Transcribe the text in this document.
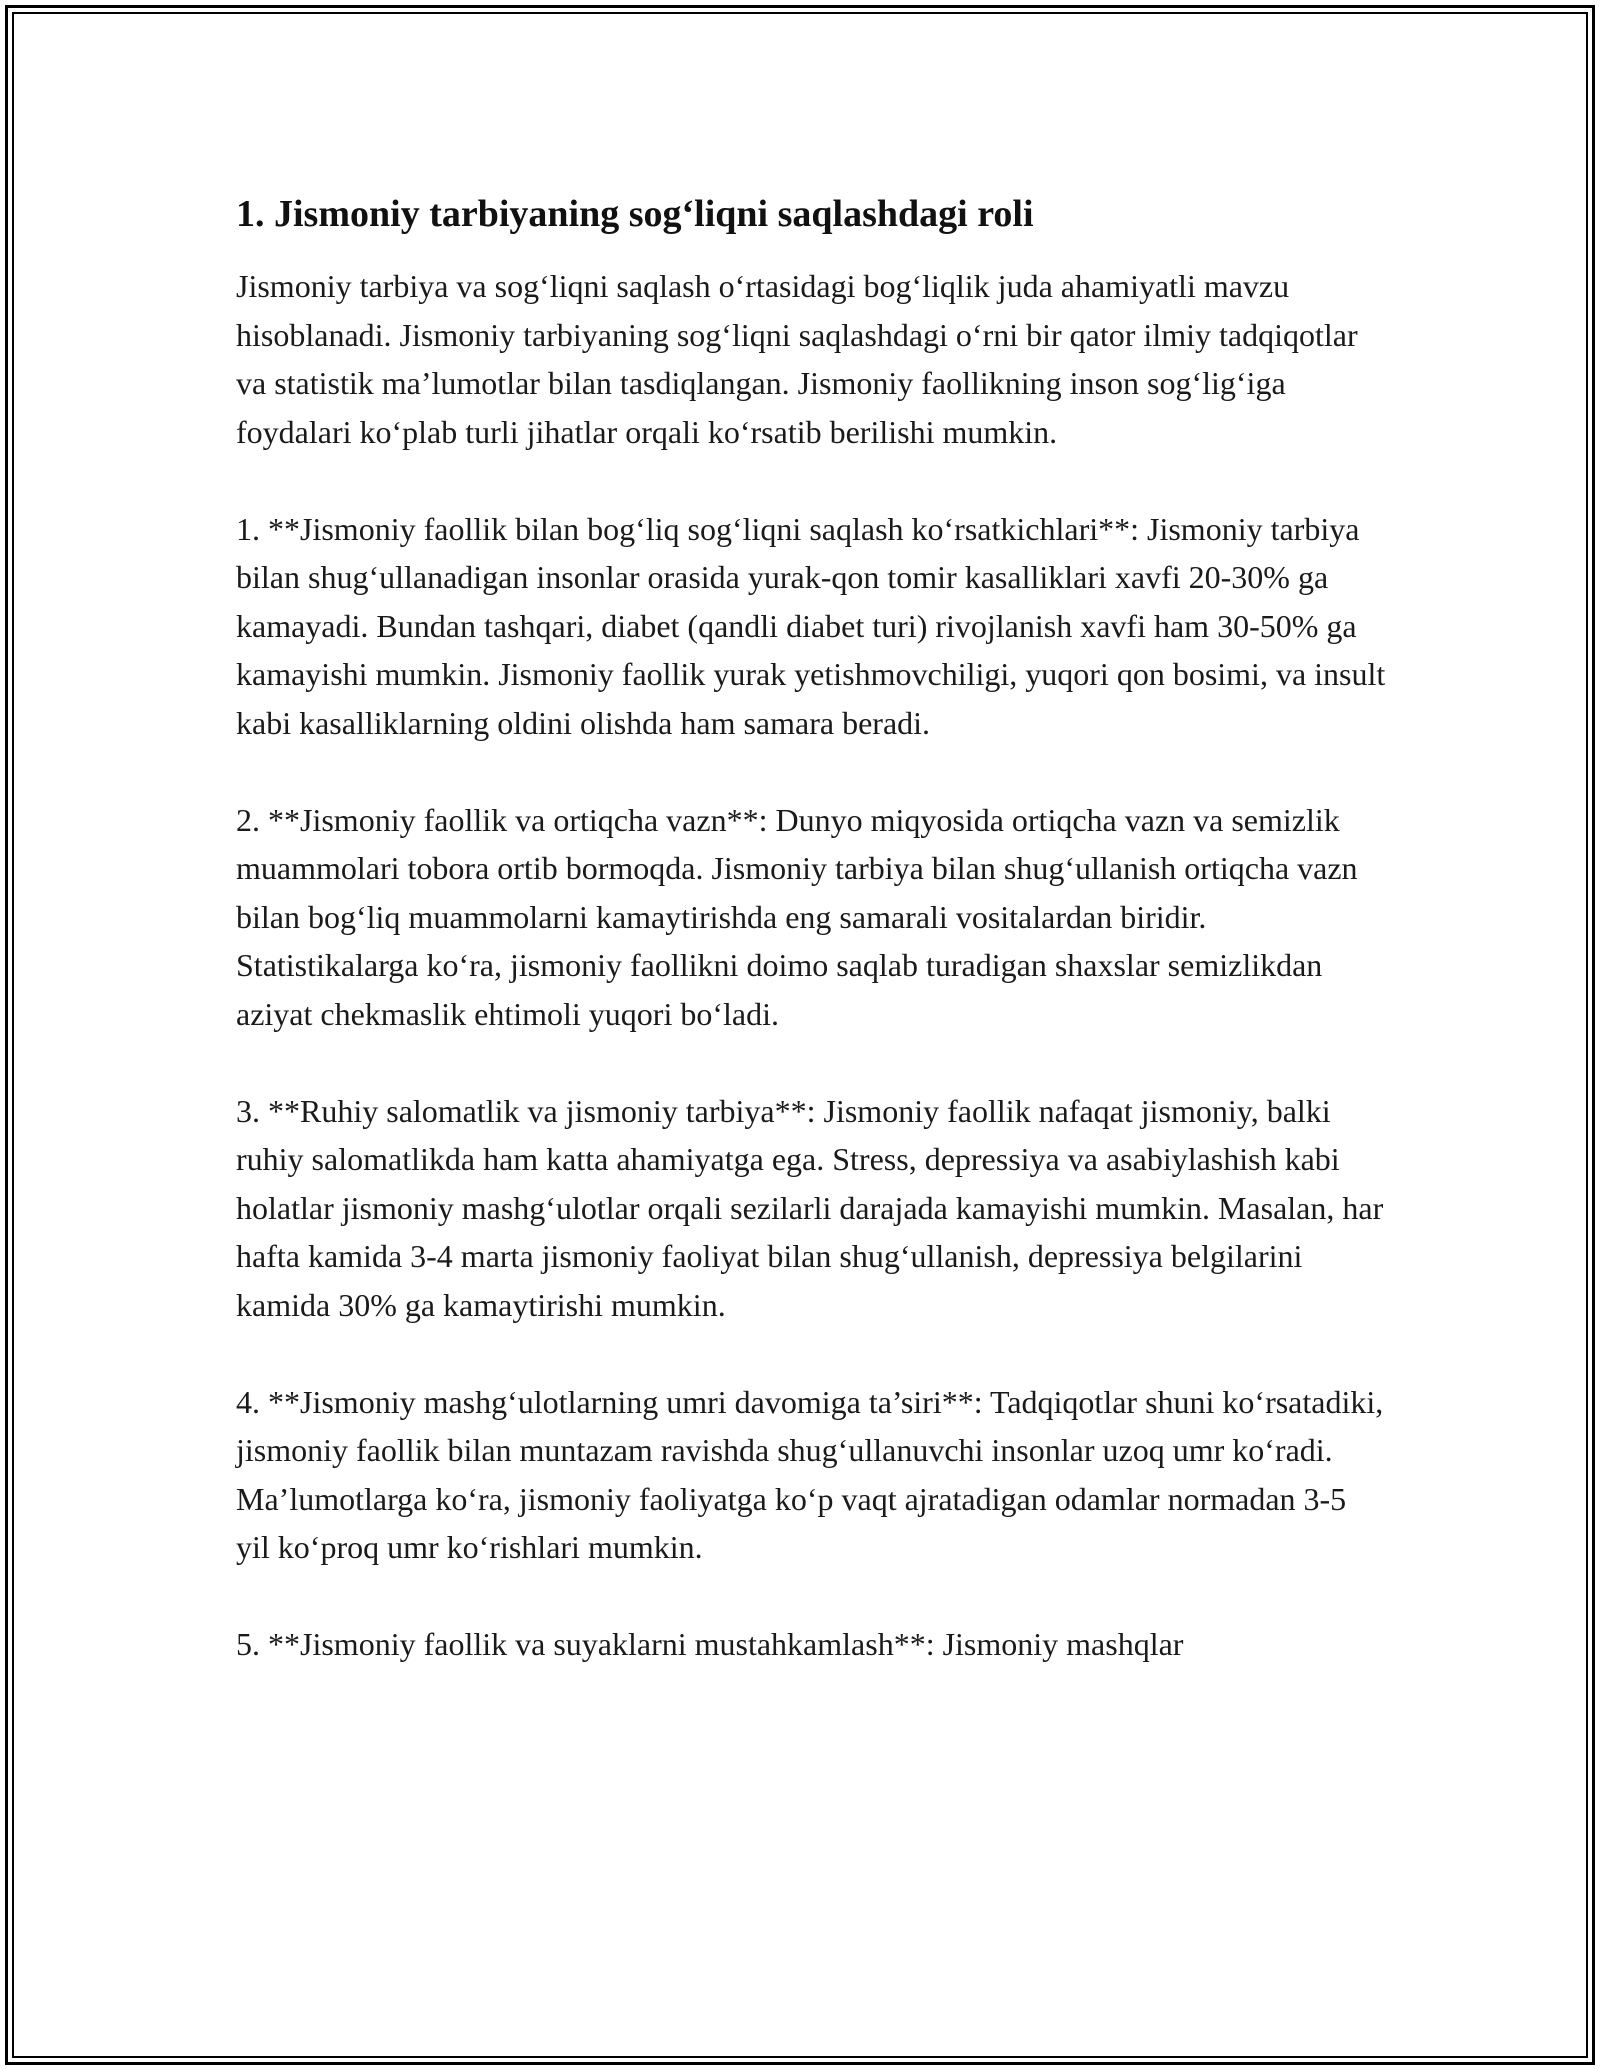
1. Jismoniy tarbiyaning sog‘liqni saqlashdagi roli

Jismoniy tarbiya va sog‘liqni saqlash o‘rtasidagi bog‘liqlik juda ahamiyatli mavzu hisoblanadi. Jismoniy tarbiyaning sog‘liqni saqlashdagi o‘rni bir qator ilmiy tadqiqotlar va statistik ma’lumotlar bilan tasdiqlangan. Jismoniy faollikning inson sog‘lig‘iga foydalari ko‘plab turli jihatlar orqali ko‘rsatib berilishi mumkin.

1. **Jismoniy faollik bilan bog‘liq sog‘liqni saqlash ko‘rsatkichlari**: Jismoniy tarbiya bilan shug‘ullanadigan insonlar orasida yurak-qon tomir kasalliklari xavfi 20-30% ga kamayadi. Bundan tashqari, diabet (qandli diabet turi) rivojlanish xavfi ham 30-50% ga kamayishi mumkin. Jismoniy faollik yurak yetishmovchiligi, yuqori qon bosimi, va insult kabi kasalliklarning oldini olishda ham samara beradi.

2. **Jismoniy faollik va ortiqcha vazn**: Dunyo miqyosida ortiqcha vazn va semizlik muammolari tobora ortib bormoqda. Jismoniy tarbiya bilan shug‘ullanish ortiqcha vazn bilan bog‘liq muammolarni kamaytirishda eng samarali vositalardan biridir. Statistikalarga ko‘ra, jismoniy faollikni doimo saqlab turadigan shaxslar semizlikdan aziyat chekmaslik ehtimoli yuqori bo‘ladi.

3. **Ruhiy salomatlik va jismoniy tarbiya**: Jismoniy faollik nafaqat jismoniy, balki ruhiy salomatlikda ham katta ahamiyatga ega. Stress, depressiya va asabiylashish kabi holatlar jismoniy mashg‘ulotlar orqali sezilarli darajada kamayishi mumkin. Masalan, har hafta kamida 3-4 marta jismoniy faoliyat bilan shug‘ullanish, depressiya belgilarini kamida 30% ga kamaytirishi mumkin.

4. **Jismoniy mashg‘ulotlarning umri davomiga ta’siri**: Tadqiqotlar shuni ko‘rsatadiki, jismoniy faollik bilan muntazam ravishda shug‘ullanuvchi insonlar uzoq umr ko‘radi. Ma’lumotlarga ko‘ra, jismoniy faoliyatga ko‘p vaqt ajratadigan odamlar normadan 3-5 yil ko‘proq umr ko‘rishlari mumkin.

5. **Jismoniy faollik va suyaklarni mustahkamlash**: Jismoniy mashqlar
